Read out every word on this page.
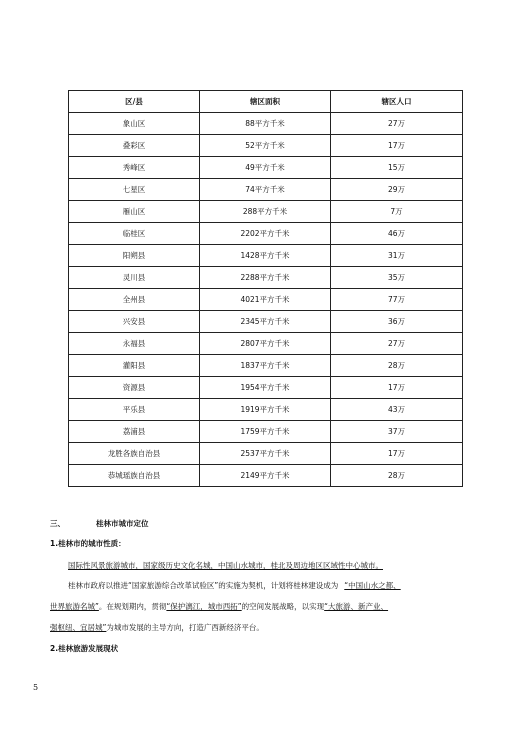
区/县	辖区面积	辖区人口
象山区	88平方千米	27万
叠彩区	52平方千米	17万
秀峰区	49平方千米	15万
七星区	74平方千米	29万
雁山区	288平方千米	7万
临桂区	2202平方千米	46万
阳朔县	1428平方千米	31万
灵川县	2288平方千米	35万
全州县	4021平方千米	77万
兴安县	2345平方千米	36万
永福县	2807平方千米	27万
灌阳县	1837平方千米	28万
资源县	1954平方千米	17万
平乐县	1919平方千米	43万
荔浦县	1759平方千米	37万
龙胜各族自治县	2537平方千米	17万
恭城瑶族自治县	2149平方千米	28万
三、	桂林市城市定位
1.桂林市的城市性质：
国际性风景旅游城市，国家级历史文化名城，中国山水城市，桂北及周边地区区域性中心城市。
桂林市政府以推进“国家旅游综合改革试验区”的实施为契机，计划将桂林建设成为 “中国山水之都、
世界旅游名城”。在规划期内，贯彻“保护漓江，城市西拓”的空间发展战略，以实现“大旅游、新产业、
强枢纽、宜居城”为城市发展的主导方向，打造广西新经济平台。
2.桂林旅游发展现状
5
